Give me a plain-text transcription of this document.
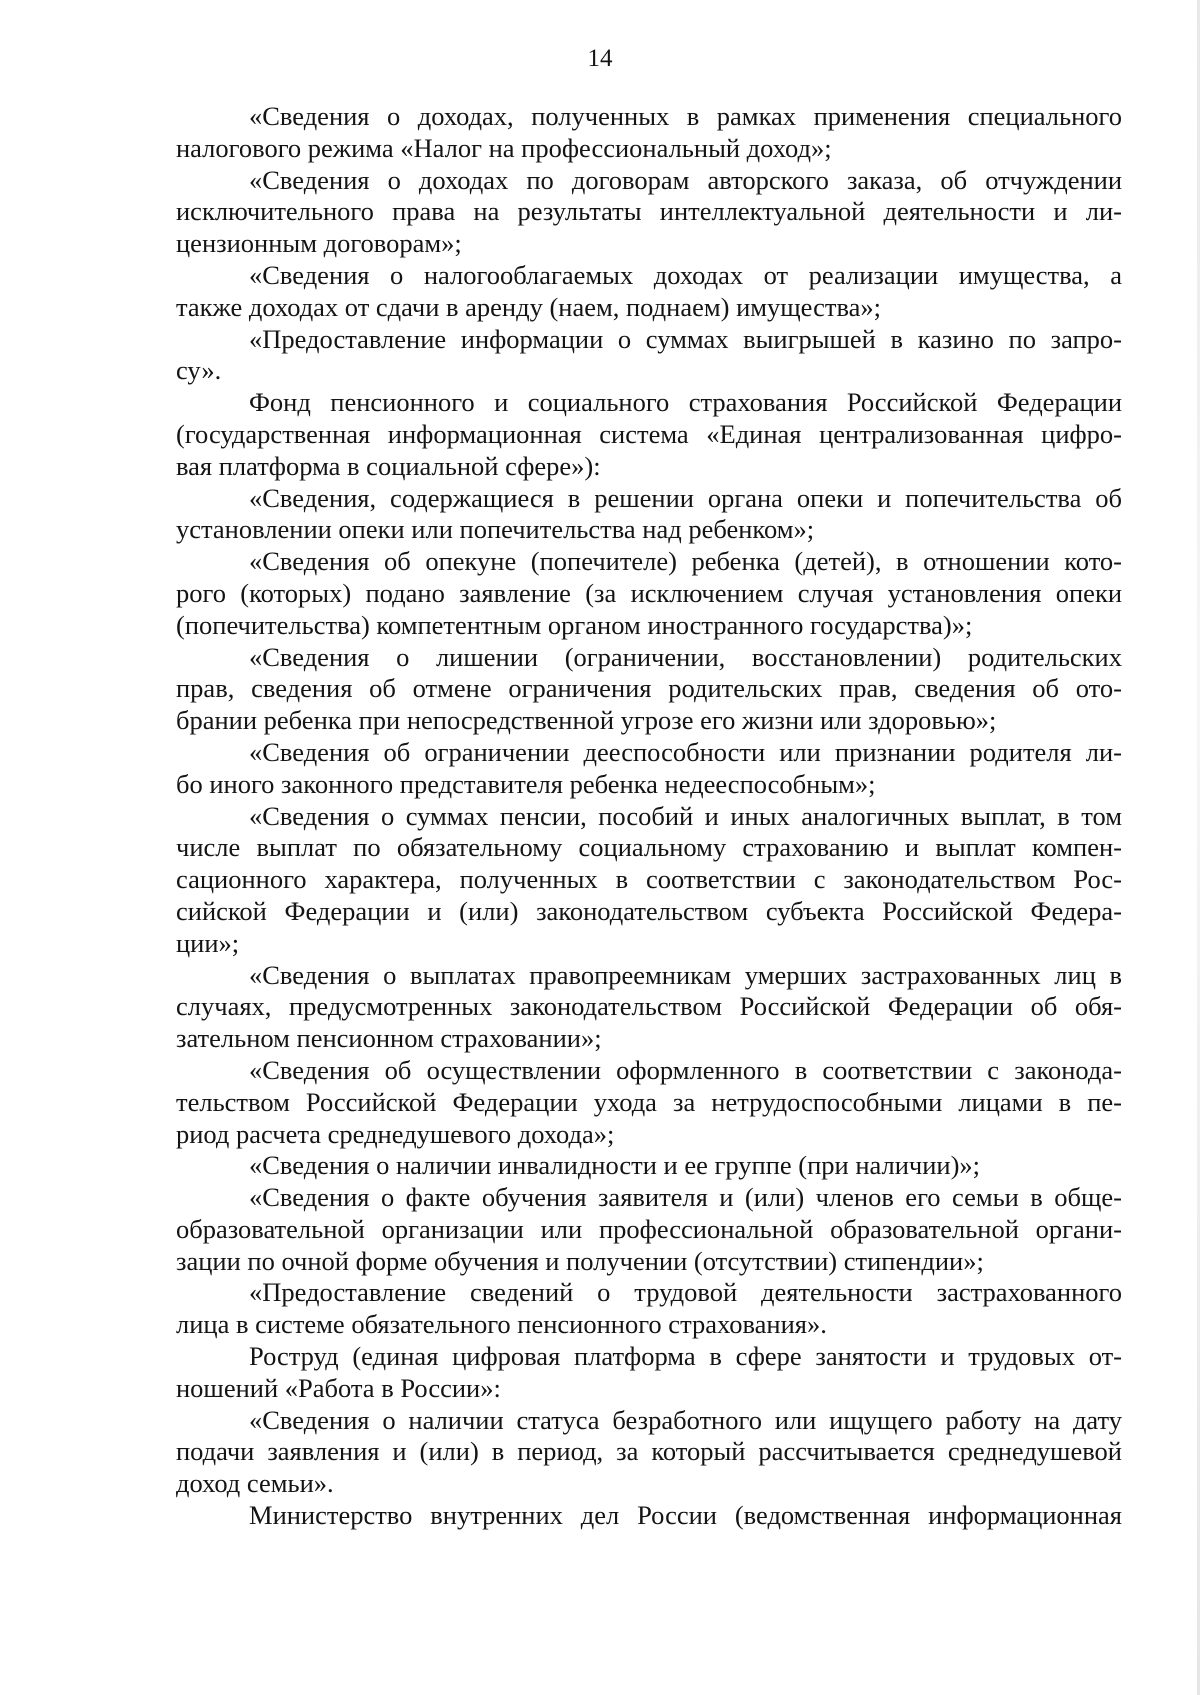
14
«Сведения о доходах, полученных в рамках применения специального
налогового режима «Налог на профессиональный доход»;
«Сведения о доходах по договорам авторского заказа, об отчуждении
исключительного права на результаты интеллектуальной деятельности и ли-
цензионным договорам»;
«Сведения о налогооблагаемых доходах от реализации имущества, а
также доходах от сдачи в аренду (наем, поднаем) имущества»;
«Предоставление информации о суммах выигрышей в казино по запро-
су».
Фонд пенсионного и социального страхования Российской Федерации
(государственная информационная система «Единая централизованная цифро-
вая платформа в социальной сфере»):
«Сведения, содержащиеся в решении органа опеки и попечительства об
установлении опеки или попечительства над ребенком»;
«Сведения об опекуне (попечителе) ребенка (детей), в отношении кото-
рого (которых) подано заявление (за исключением случая установления опеки
(попечительства) компетентным органом иностранного государства)»;
«Сведения о лишении (ограничении, восстановлении) родительских
прав, сведения об отмене ограничения родительских прав, сведения об ото-
брании ребенка при непосредственной угрозе его жизни или здоровью»;
«Сведения об ограничении дееспособности или признании родителя ли-
бо иного законного представителя ребенка недееспособным»;
«Сведения о суммах пенсии, пособий и иных аналогичных выплат, в том
числе выплат по обязательному социальному страхованию и выплат компен-
сационного характера, полученных в соответствии с законодательством Рос-
сийской Федерации и (или) законодательством субъекта Российской Федера-
ции»;
«Сведения о выплатах правопреемникам умерших застрахованных лиц в
случаях, предусмотренных законодательством Российской Федерации об обя-
зательном пенсионном страховании»;
«Сведения об осуществлении оформленного в соответствии с законода-
тельством Российской Федерации ухода за нетрудоспособными лицами в пе-
риод расчета среднедушевого дохода»;
«Сведения о наличии инвалидности и ее группе (при наличии)»;
«Сведения о факте обучения заявителя и (или) членов его семьи в обще-
образовательной организации или профессиональной образовательной органи-
зации по очной форме обучения и получении (отсутствии) стипендии»;
«Предоставление сведений о трудовой деятельности застрахованного
лица в системе обязательного пенсионного страхования».
Роструд (единая цифровая платформа в сфере занятости и трудовых от-
ношений «Работа в России»:
«Сведения о наличии статуса безработного или ищущего работу на дату
подачи заявления и (или) в период, за который рассчитывается среднедушевой
доход семьи».
Министерство внутренних дел России (ведомственная информационная
